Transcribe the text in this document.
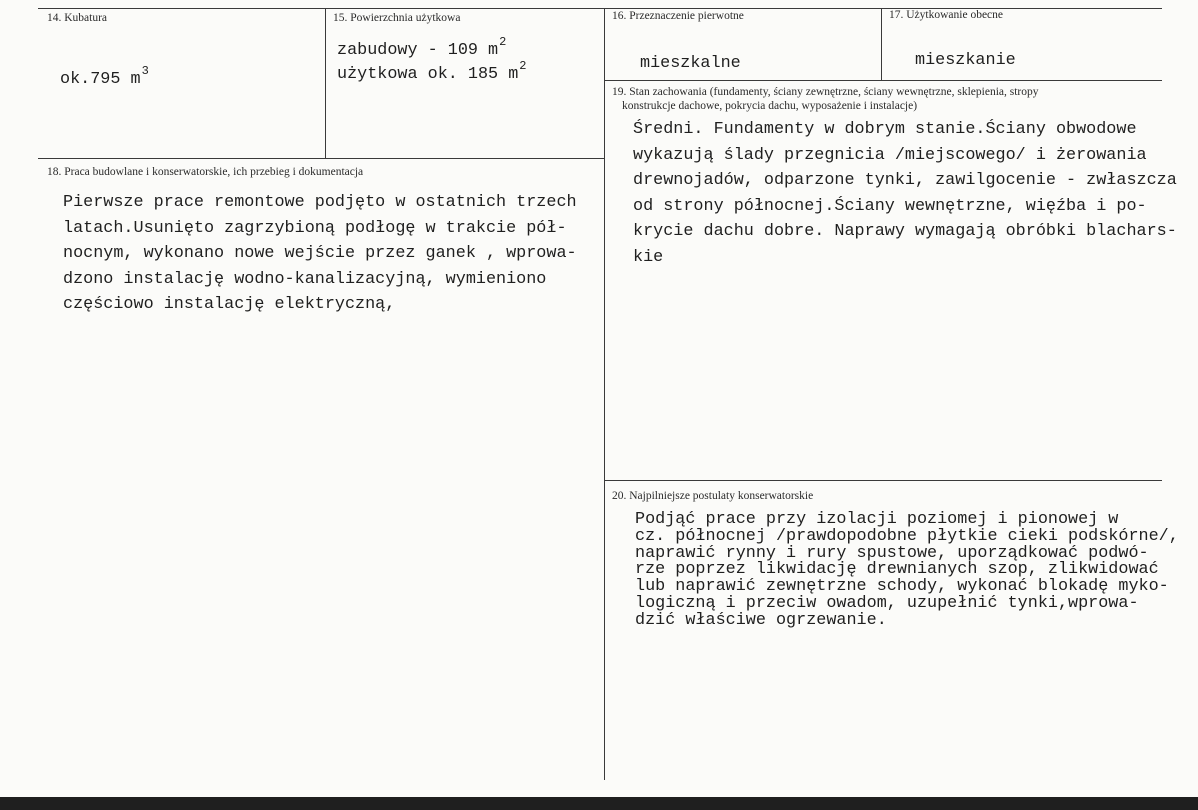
14. Kubatura
ok.795 $m^3$
15. Powierzchnia użytkowa
zabudowy - 109 $m^2$
użytkowa ok. 185 $m^2$
16. Przeznaczenie pierwotne
mieszkalne
17. Użytkowanie obecne
mieszkanie
18. Praca budowlane i konserwatorskie, ich przebieg i dokumentacja
Pierwsze prace remontowe podjęto w ostatnich trzech
latach.Usunięto zagrzybioną podłogę w trakcie pół-
nocnym, wykonano nowe wejście przez ganek , wprowa-
dzono instalację wodno-kanalizacyjną, wymieniono
częściowo instalację elektryczną,
19. Stan zachowania (fundamenty, ściany zewnętrzne, ściany wewnętrzne, sklepienia, stropy
konstrukcje dachowe, pokrycia dachu, wyposażenie i instalacje)
Średni. Fundamenty w dobrym stanie.Ściany obwodowe
wykazują ślady przegnicia /miejscowego/ i żerowania
drewnojadów, odparzone tynki, zawilgocenie - zwłaszcza
od strony północnej.Ściany wewnętrzne, więźba i po-
krycie dachu dobre. Naprawy wymagają obróbki blachars-
kie
20. Najpilniejsze postulaty konserwatorskie
Podjąć prace przy izolacji poziomej i pionowej w
cz. północnej /prawdopodobne płytkie cieki podskórne/,
naprawić rynny i rury spustowe, uporządkować podwó-
rze poprzez likwidację drewnianych szop, zlikwidować
lub naprawić zewnętrzne schody, wykonać blokadę myko-
logiczną i przeciw owadom, uzupełnić tynki,wprowa-
dzić właściwe ogrzewanie.
